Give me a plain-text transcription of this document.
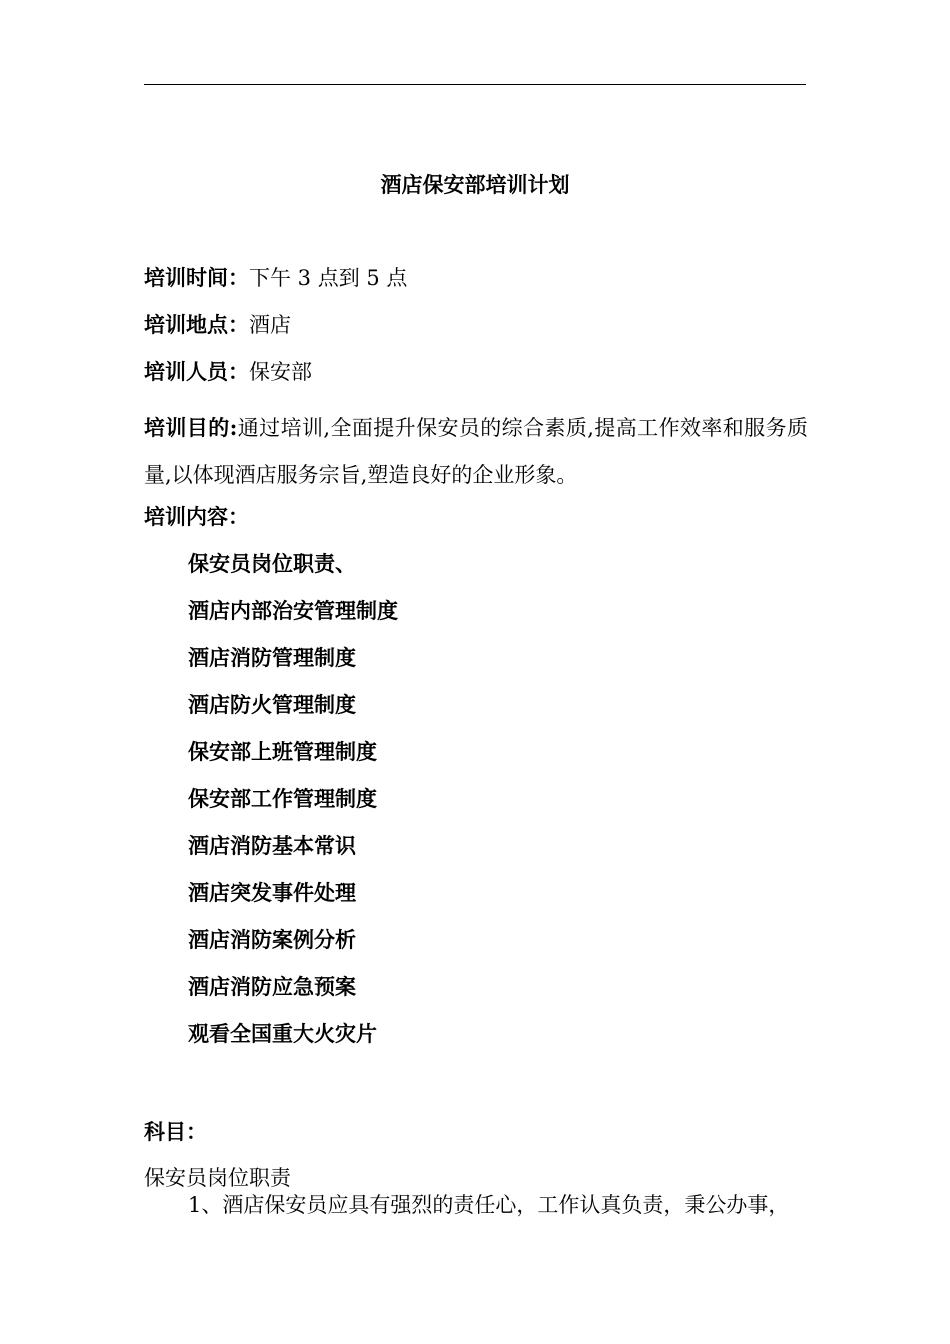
酒店保安部培训计划
培训时间：下午 3 点到 5 点
培训地点：酒店
培训人员：保安部
培训目的:通过培训,全面提升保安员的综合素质,提高工作效率和服务质量,以体现酒店服务宗旨,塑造良好的企业形象。
培训内容：
保安员岗位职责、
酒店内部治安管理制度
酒店消防管理制度
酒店防火管理制度
保安部上班管理制度
保安部工作管理制度
酒店消防基本常识
酒店突发事件处理
酒店消防案例分析
酒店消防应急预案
观看全国重大火灾片
科目：
保安员岗位职责
1、酒店保安员应具有强烈的责任心，工作认真负责，秉公办事，
